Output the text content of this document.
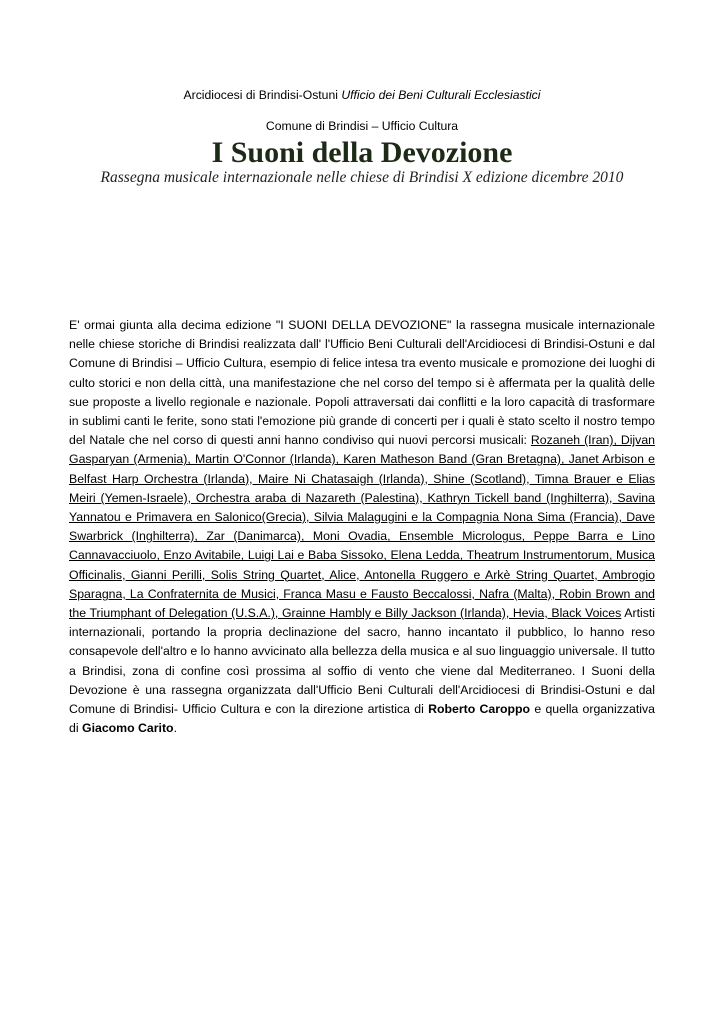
Arcidiocesi di Brindisi-Ostuni Ufficio dei Beni Culturali Ecclesiastici
Comune di Brindisi – Ufficio Cultura
I Suoni della Devozione
Rassegna musicale internazionale nelle chiese di Brindisi X edizione dicembre 2010

E' ormai giunta alla decima edizione "I SUONI DELLA DEVOZIONE" la rassegna musicale internazionale nelle chiese storiche di Brindisi realizzata dall' l'Ufficio Beni Culturali dell'Arcidiocesi di Brindisi-Ostuni e dal Comune di Brindisi – Ufficio Cultura, esempio di felice intesa tra evento musicale e promozione dei luoghi di culto storici e non della città, una manifestazione che nel corso del tempo si è affermata per la qualità delle sue proposte a livello regionale e nazionale. Popoli attraversati dai conflitti e la loro capacità di trasformare in sublimi canti le ferite, sono stati l'emozione più grande di concerti per i quali è stato scelto il nostro tempo del Natale che nel corso di questi anni hanno condiviso qui nuovi percorsi musicali: Rozaneh (Iran), Dijvan Gasparyan (Armenia), Martin O'Connor (Irlanda), Karen Matheson Band (Gran Bretagna), Janet Arbison e Belfast Harp Orchestra (Irlanda), Maire Ni Chatasaigh (Irlanda), Shine (Scotland), Timna Brauer e Elias Meiri (Yemen-Israele), Orchestra araba di Nazareth (Palestina), Kathryn Tickell band (Inghilterra), Savina Yannatou e Primavera en Salonico(Grecia), Silvia Malagugini e la Compagnia Nona Sima (Francia), Dave Swarbrick (Inghilterra), Zar (Danimarca), Moni Ovadia, Ensemble Micrologus, Peppe Barra e Lino Cannavacciuolo, Enzo Avitabile, Luigi Lai e Baba Sissoko, Elena Ledda, Theatrum Instrumentorum, Musica Officinalis, Gianni Perilli, Solis String Quartet, Alice, Antonella Ruggero e Arkè String Quartet, Ambrogio Sparagna, La Confraternita de Musici, Franca Masu e Fausto Beccalossi, Nafra (Malta), Robin Brown and the Triumphant of Delegation (U.S.A.), Grainne Hambly e Billy Jackson (Irlanda), Hevia, Black Voices Artisti internazionali, portando la propria declinazione del sacro, hanno incantato il pubblico, lo hanno reso consapevole dell'altro e lo hanno avvicinato alla bellezza della musica e al suo linguaggio universale. Il tutto a Brindisi, zona di confine così prossima al soffio di vento che viene dal Mediterraneo. I Suoni della Devozione è una rassegna organizzata dall'Ufficio Beni Culturali dell'Arcidiocesi di Brindisi-Ostuni e dal Comune di Brindisi- Ufficio Cultura e con la direzione artistica di Roberto Caroppo e quella organizzativa di Giacomo Carito.
